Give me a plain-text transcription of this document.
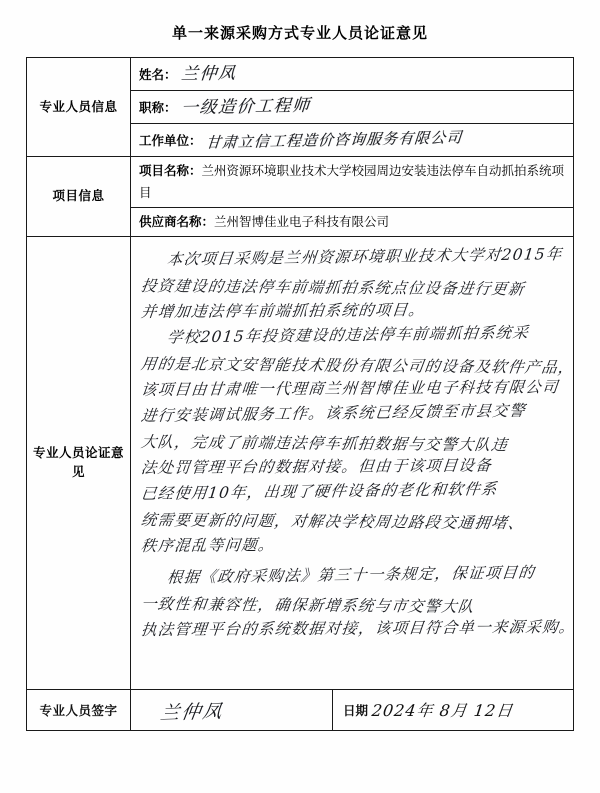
单一来源采购方式专业人员论证意见
专业人员信息	姓名： 兰仲凤

	职称： 一级造价工程师

	工作单位： 甘肃立信工程造价咨询服务有限公司

项目信息	项目名称：兰州资源环境职业技术大学校园周边安装违法停车自动抓拍系统项目

	供应商名称：兰州智博佳业电子科技有限公司

专业人员论证意见	
本次项目采购是兰州资源环境职业技术大学对2015年
投资建设的违法停车前端抓拍系统点位设备进行更新
并增加违法停车前端抓拍系统的项目。
学校2015年投资建设的违法停车前端抓拍系统采
用的是北京文安智能技术股份有限公司的设备及软件产品，
该项目由甘肃唯一代理商兰州智博佳业电子科技有限公司
进行安装调试服务工作。该系统已经反馈至市县交警
大队，完成了前端违法停车抓拍数据与交警大队违
法处罚管理平台的数据对接。但由于该项目设备
已经使用10年，出现了硬件设备的老化和软件系
统需要更新的问题，对解决学校周边路段交通拥堵、
秩序混乱等问题。
根据《政府采购法》第三十一条规定，保证项目的
一致性和兼容性，确保新增系统与市交警大队
执法管理平台的系统数据对接，该项目符合单一来源采购。

专业人员签字	兰仲凤 日期 2024年 8月 12日
